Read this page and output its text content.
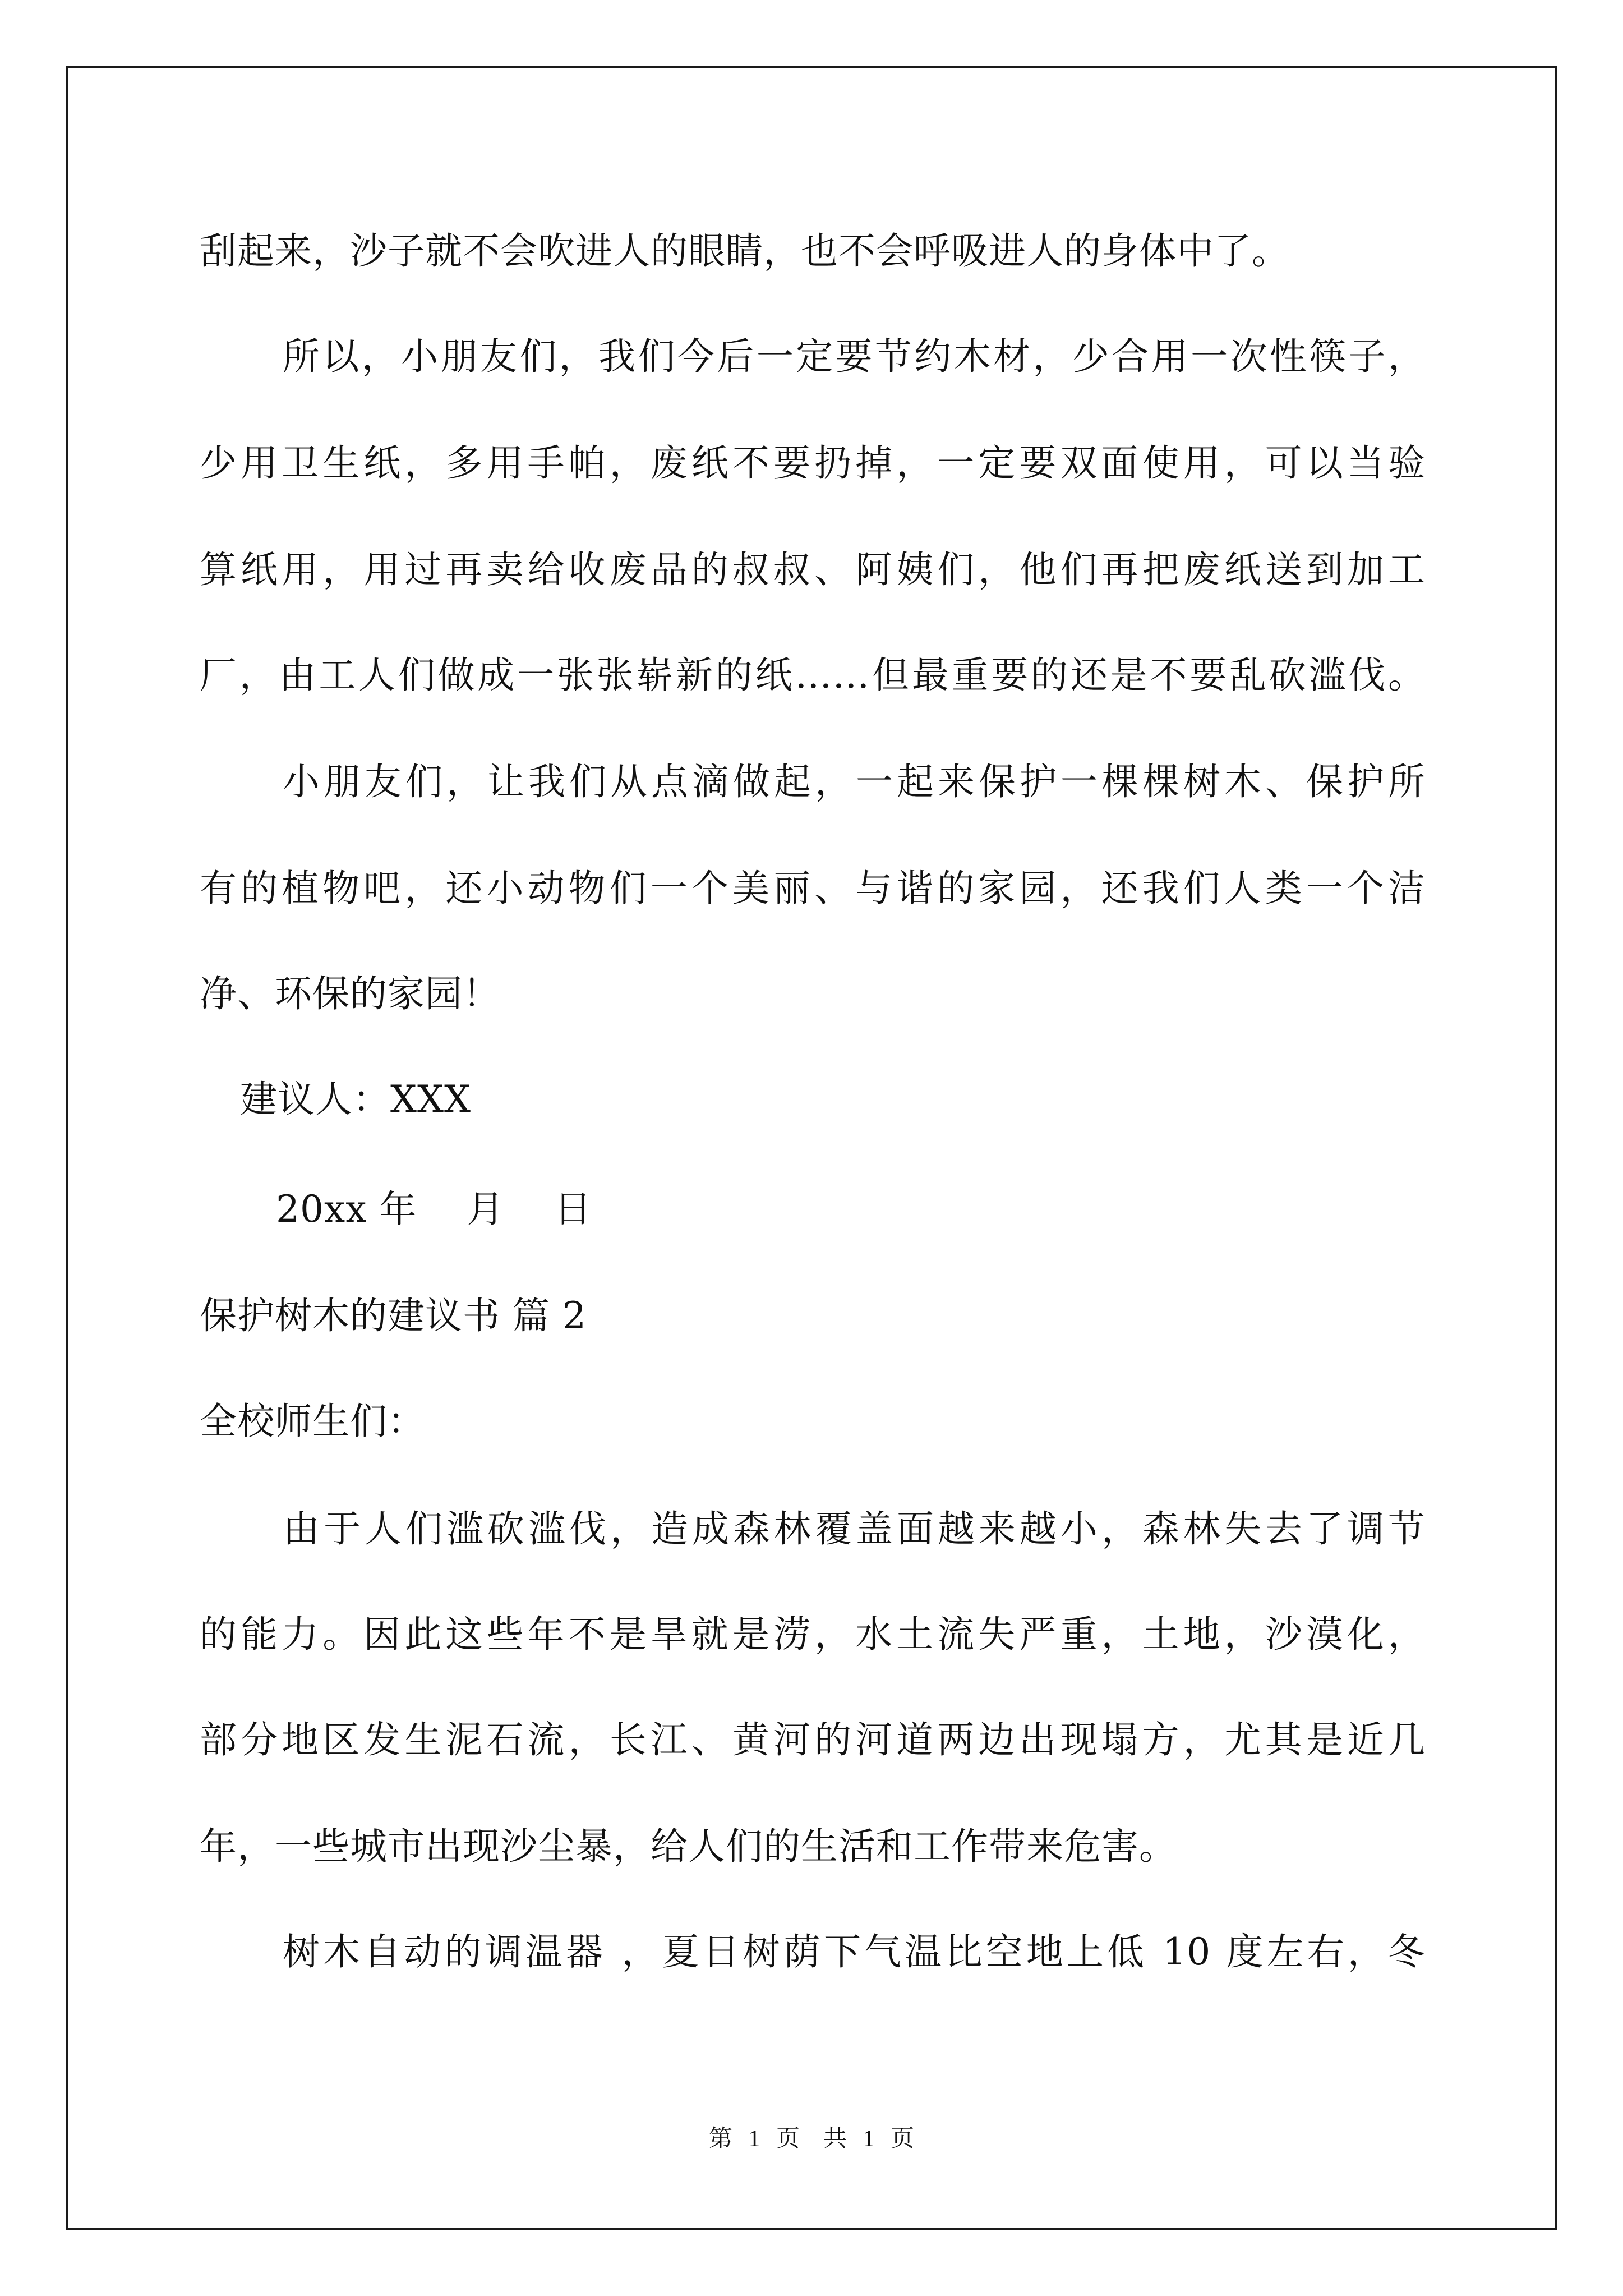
刮起来，沙子就不会吹进人的眼睛，也不会呼吸进人的身体中了。
所以，小朋友们，我们今后一定要节约木材，少合用一次性筷子，
少用卫生纸，多用手帕，废纸不要扔掉，一定要双面使用，可以当验
算纸用，用过再卖给收废品的叔叔、阿姨们，他们再把废纸送到加工
厂，由工人们做成一张张崭新的纸……但最重要的还是不要乱砍滥伐。
小朋友们，让我们从点滴做起，一起来保护一棵棵树木、保护所
有的植物吧，还小动物们一个美丽、与谐的家园，还我们人类一个洁
净、环保的家园！
建议人：XXX
20xx 年　 月　 日
保护树木的建议书 篇 2
全校师生们：
由于人们滥砍滥伐，造成森林覆盖面越来越小，森林失去了调节
的能力。因此这些年不是旱就是涝，水土流失严重，土地，沙漠化，
部分地区发生泥石流，长江、黄河的河道两边出现塌方，尤其是近几
年，一些城市出现沙尘暴，给人们的生活和工作带来危害。
树木自动的调温器 ，夏日树荫下气温比空地上低 10 度左右，冬
第 1 页　共 1 页
